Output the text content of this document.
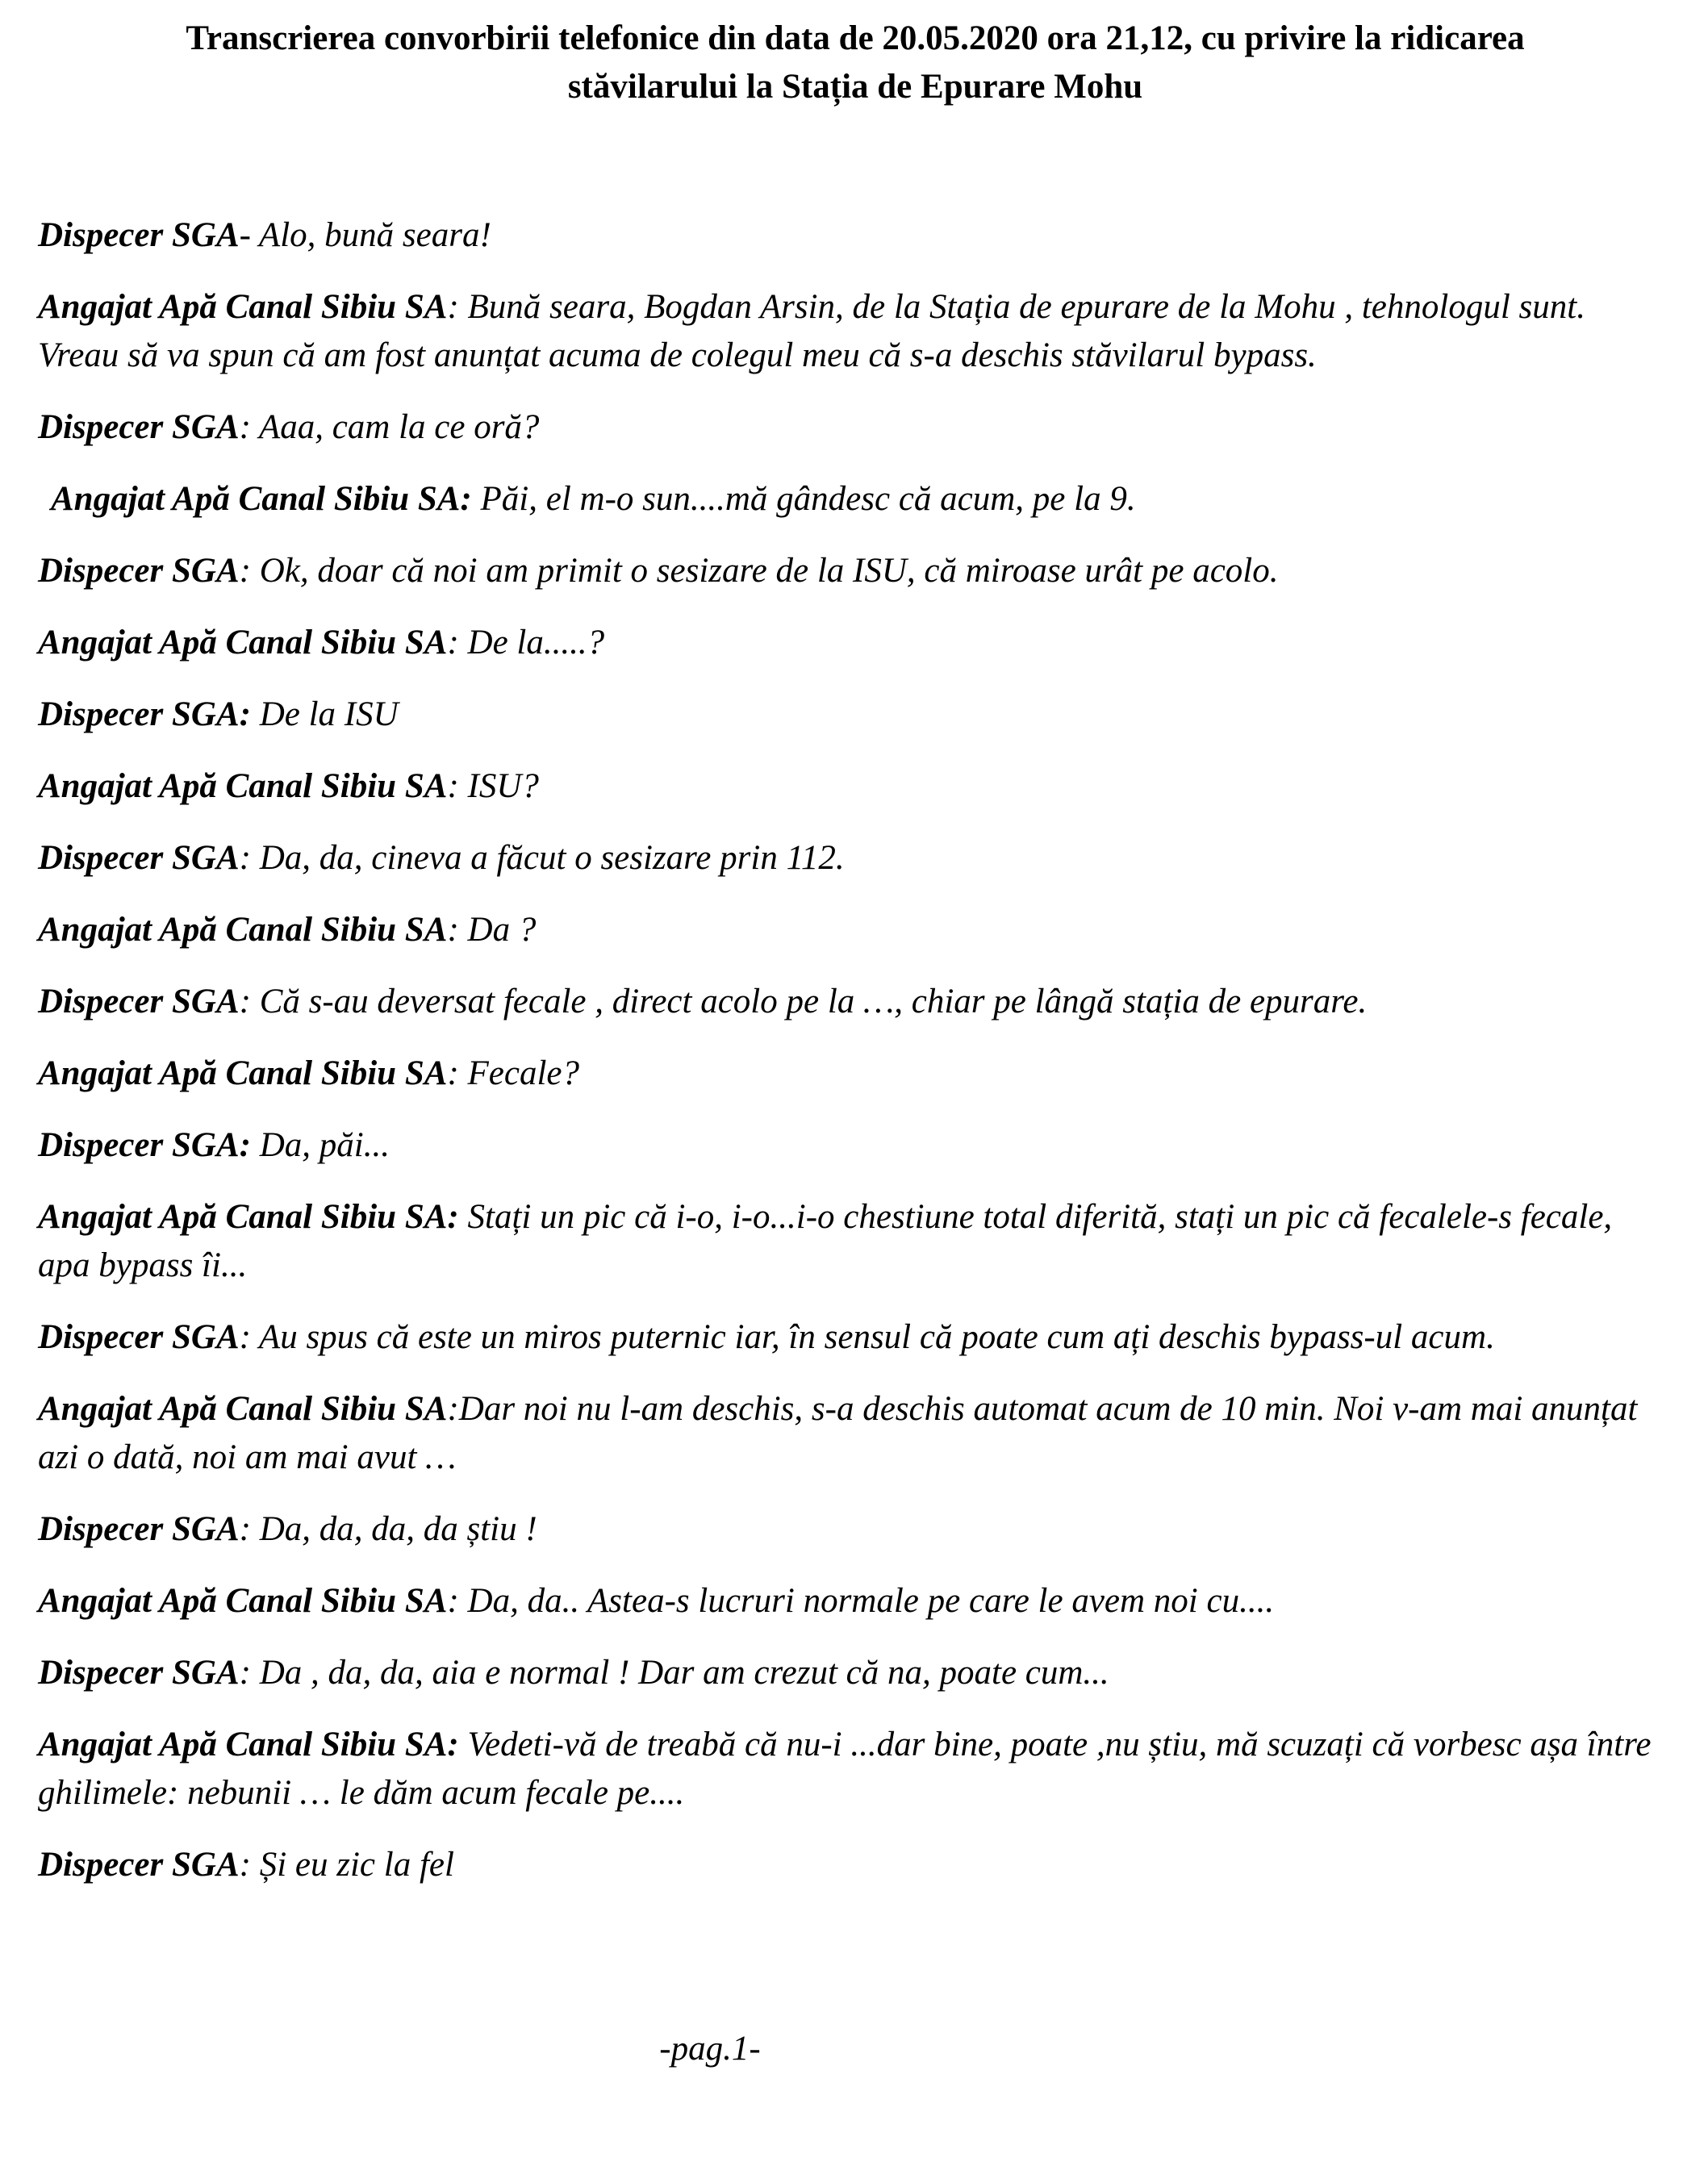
Transcrierea convorbirii telefonice din data de 20.05.2020 ora 21,12, cu privire la ridicarea
stăvilarului la Stația de Epurare Mohu

Dispecer SGA- Alo, bună seara!

Angajat Apă Canal Sibiu SA: Bună seara, Bogdan Arsin, de la Stația de epurare de la Mohu , tehnologul sunt. Vreau să va spun că am fost anunțat acuma de colegul meu că s-a deschis stăvilarul bypass.

Dispecer SGA: Aaa, cam la ce oră?

Angajat Apă Canal Sibiu SA: Păi, el m-o sun....mă gândesc că acum, pe la 9.

Dispecer SGA: Ok, doar că noi am primit o sesizare de la ISU, că miroase urât pe acolo.

Angajat Apă Canal Sibiu SA: De la.....?

Dispecer SGA: De la ISU

Angajat Apă Canal Sibiu SA: ISU?

Dispecer SGA: Da, da, cineva a făcut o sesizare prin 112.

Angajat Apă Canal Sibiu SA: Da ?

Dispecer SGA: Că s-au deversat fecale , direct acolo pe la …, chiar pe lângă stația de epurare.

Angajat Apă Canal Sibiu SA: Fecale?

Dispecer SGA: Da, păi...

Angajat Apă Canal Sibiu SA: Stați un pic că i-o, i-o...i-o chestiune total diferită, stați un pic că fecalele-s fecale, apa bypass îi...

Dispecer SGA: Au spus că este un miros puternic iar, în sensul că poate cum ați deschis bypass-ul acum.

Angajat Apă Canal Sibiu SA:Dar noi nu l-am deschis, s-a deschis automat acum de 10 min. Noi v-am mai anunțat azi o dată, noi am mai avut …

Dispecer SGA: Da, da, da, da știu !

Angajat Apă Canal Sibiu SA: Da, da.. Astea-s lucruri normale pe care le avem noi cu....

Dispecer SGA: Da , da, da, aia e normal ! Dar am crezut că na, poate cum...

Angajat Apă Canal Sibiu SA: Vedeti-vă de treabă că nu-i ...dar bine, poate ,nu știu, mă scuzați că vorbesc așa între ghilimele: nebunii … le dăm acum fecale pe....

Dispecer SGA: Și eu zic la fel

-pag.1-
